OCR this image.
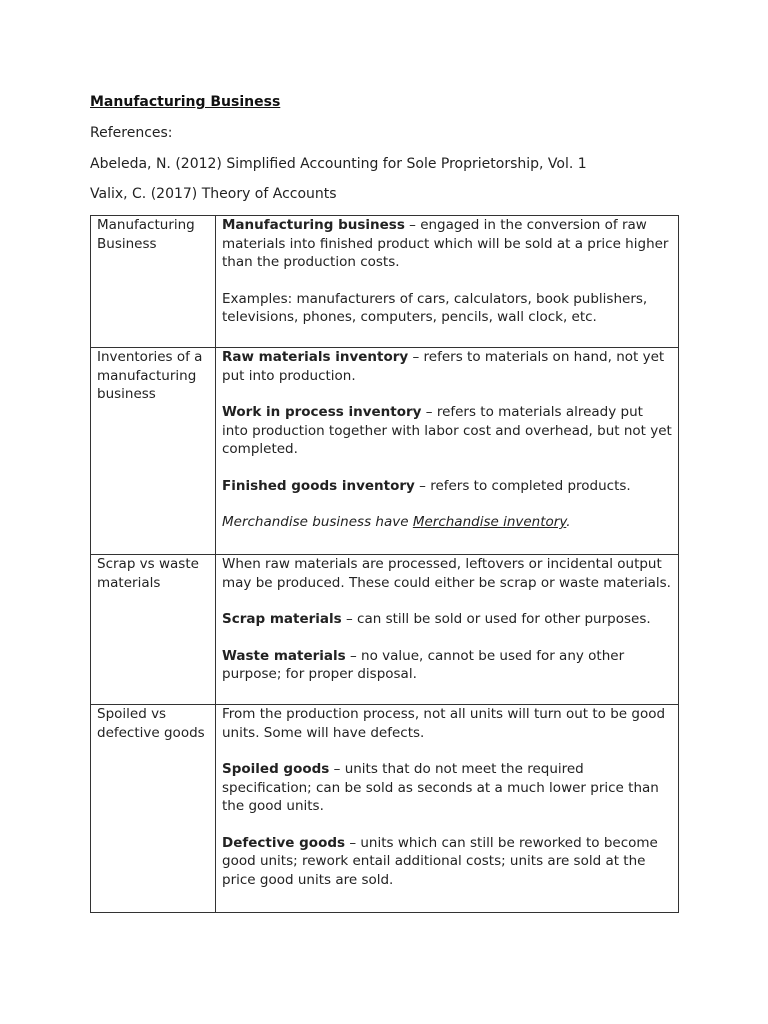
Manufacturing Business
References:
Abeleda, N. (2012) Simplified Accounting for Sole Proprietorship, Vol. 1
Valix, C. (2017) Theory of Accounts
Manufacturing Business	Manufacturing business – engaged in the conversion of raw materials into finished product which will be sold at a price higher than the production costs.

Examples: manufacturers of cars, calculators, book publishers, televisions, phones, computers, pencils, wall clock, etc.

Inventories of a manufacturing business	Raw materials inventory – refers to materials on hand, not yet put into production.

Work in process inventory – refers to materials already put into production together with labor cost and overhead, but not yet completed.

Finished goods inventory – refers to completed products.

Merchandise business have Merchandise inventory.

Scrap vs waste materials	When raw materials are processed, leftovers or incidental output may be produced. These could either be scrap or waste materials.

Scrap materials – can still be sold or used for other purposes.

Waste materials – no value, cannot be used for any other purpose; for proper disposal.

Spoiled vs defective goods	From the production process, not all units will turn out to be good units. Some will have defects.

Spoiled goods – units that do not meet the required specification; can be sold as seconds at a much lower price than the good units.

Defective goods – units which can still be reworked to become good units; rework entail additional costs; units are sold at the price good units are sold.
